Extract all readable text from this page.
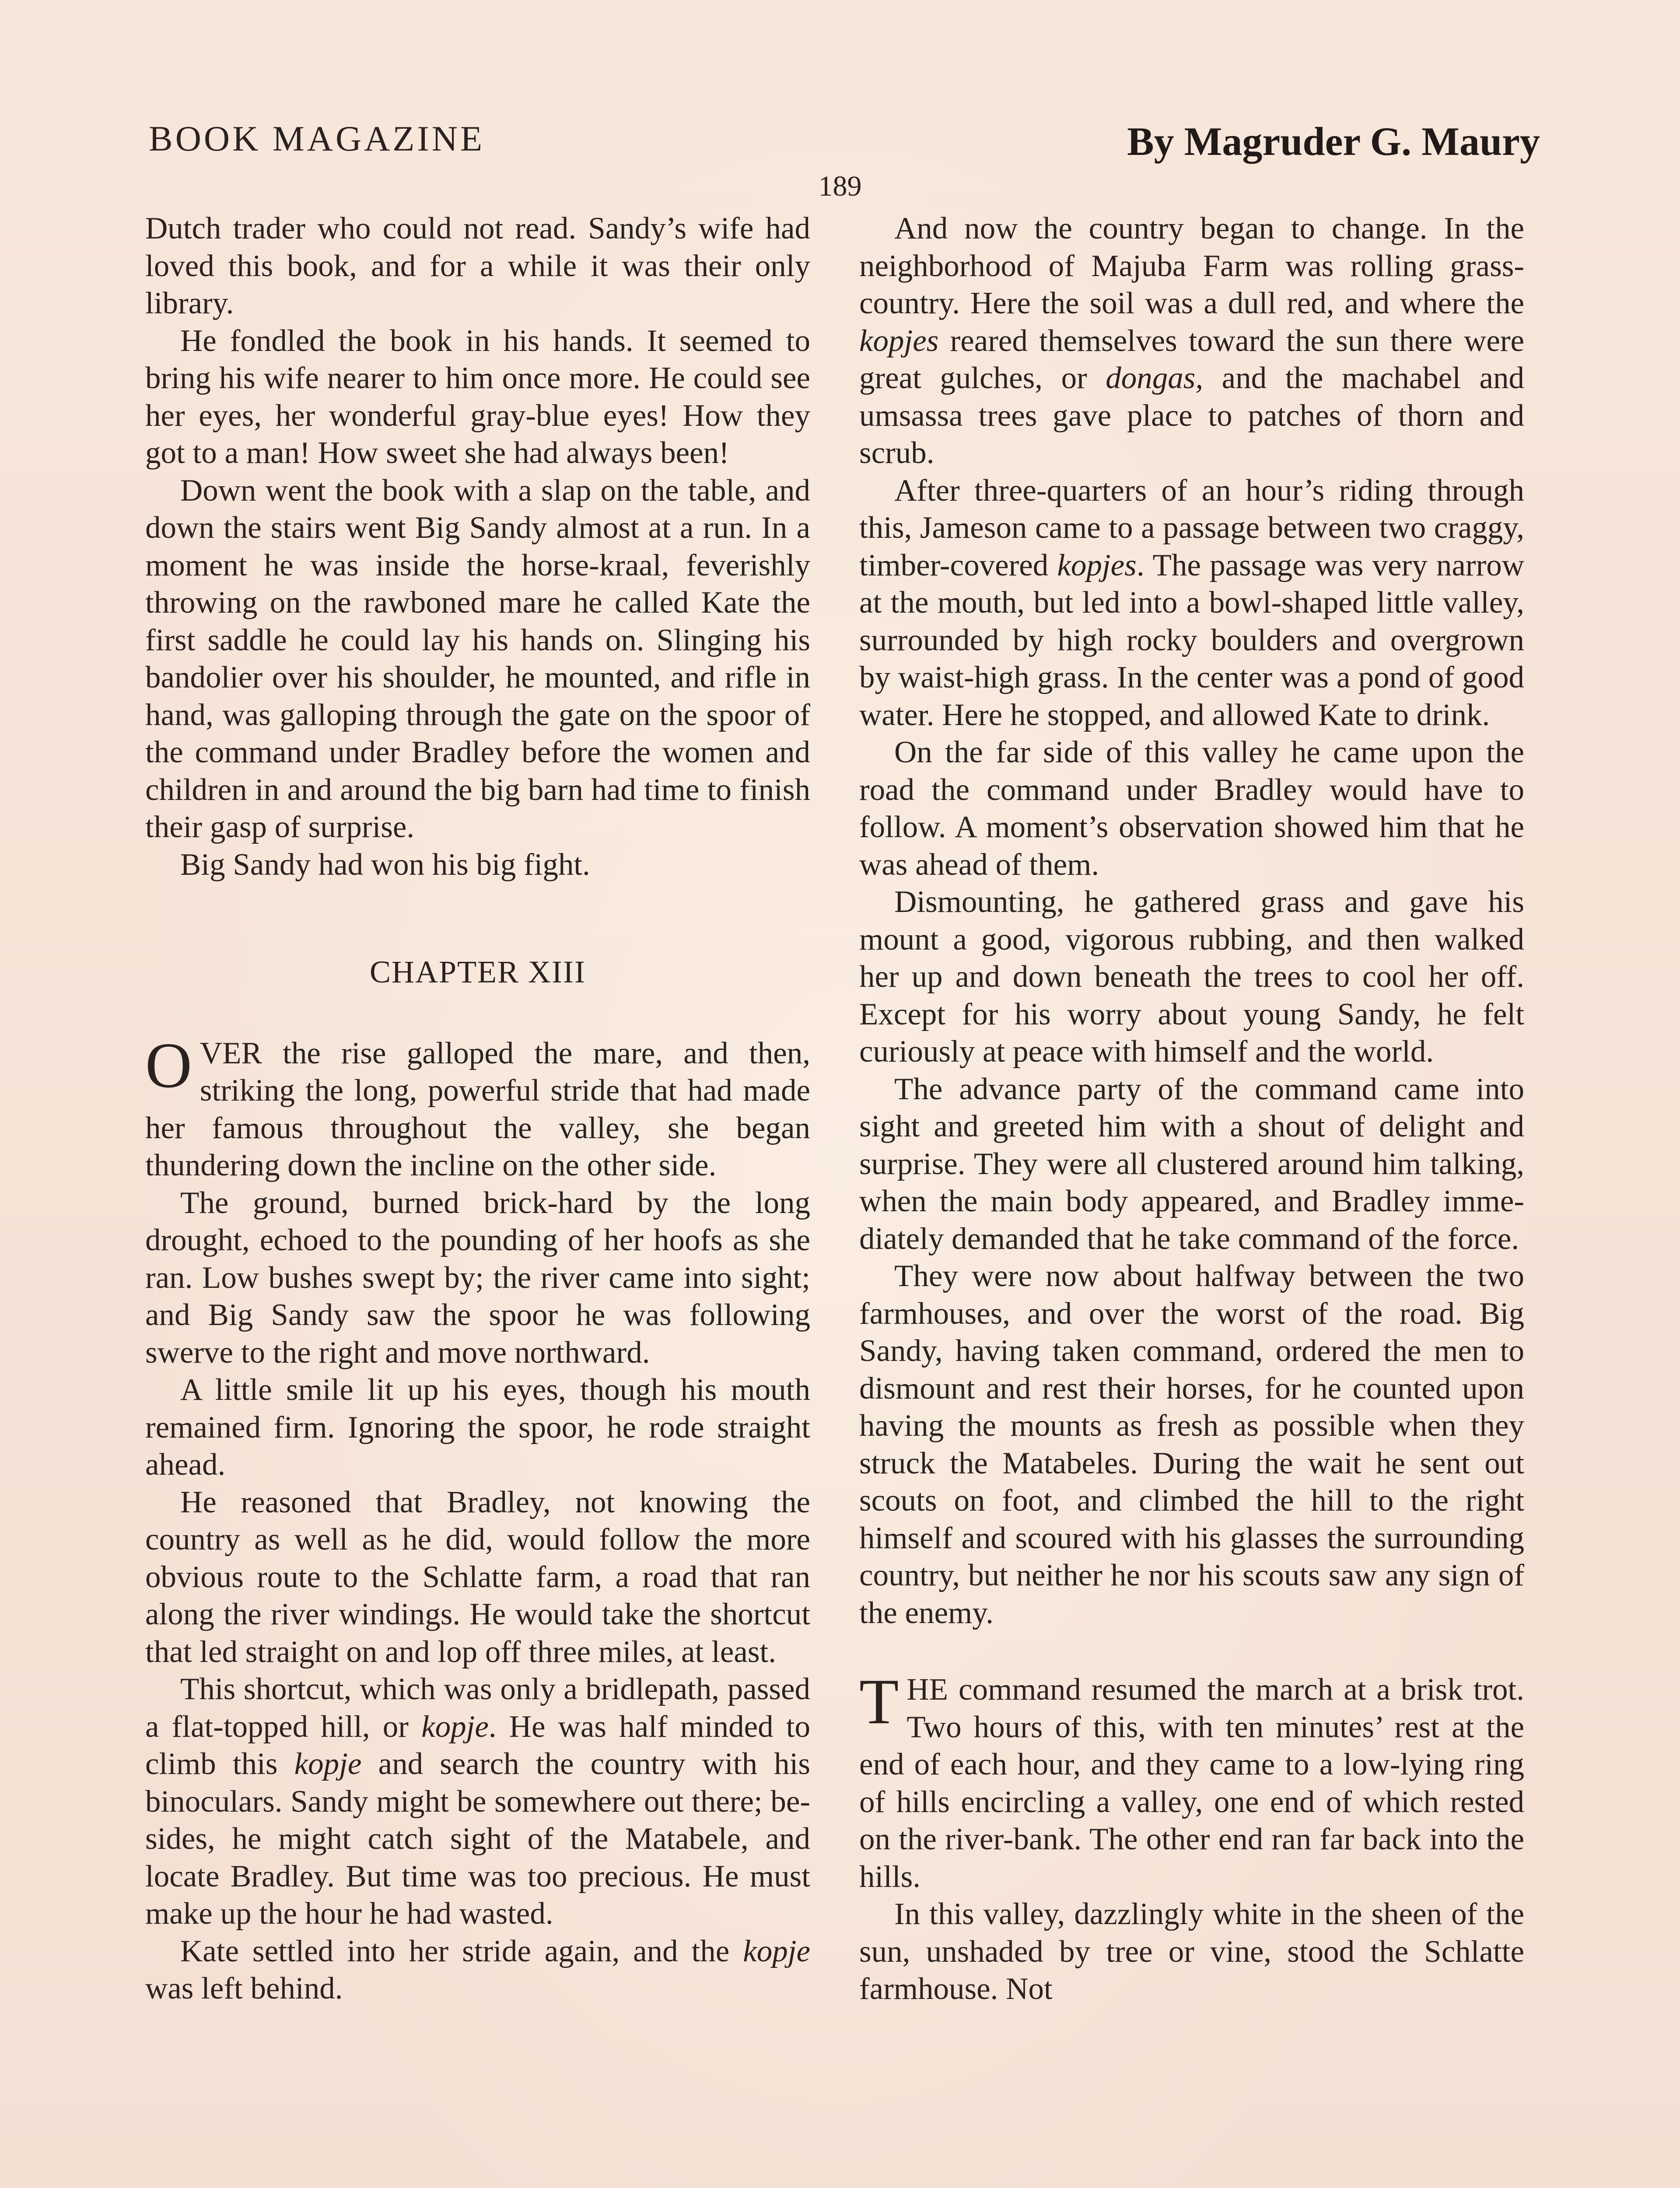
BOOK MAGAZINE	By Magruder G. Maury
189

Dutch trader who could not read. Sandy’s wife had loved this book, and for a while it was their only library.

He fondled the book in his hands. It seemed to bring his wife nearer to him once more. He could see her eyes, her wonderful gray-blue eyes! How they got to a man! How sweet she had always been!

Down went the book with a slap on the table, and down the stairs went Big Sandy almost at a run. In a moment he was inside the horse-kraal, feverishly throwing on the rawboned mare he called Kate the first saddle he could lay his hands on. Slinging his bandolier over his shoulder, he mounted, and rifle in hand, was galloping through the gate on the spoor of the command under Bradley before the women and children in and around the big barn had time to finish their gasp of surprise.

Big Sandy had won his big fight.

CHAPTER XIII

OVER the rise galloped the mare, and then, striking the long, powerful stride that had made her famous throughout the valley, she began thundering down the incline on the other side.

The ground, burned brick-hard by the long drought, echoed to the pounding of her hoofs as she ran. Low bushes swept by; the river came into sight; and Big Sandy saw the spoor he was following swerve to the right and move northward.

A little smile lit up his eyes, though his mouth remained firm. Ignoring the spoor, he rode straight ahead.

He reasoned that Bradley, not knowing the country as well as he did, would follow the more obvious route to the Schlatte farm, a road that ran along the river windings. He would take the shortcut that led straight on and lop off three miles, at least.

This shortcut, which was only a bridlepath, passed a flat-topped hill, or kopje. He was half minded to climb this kopje and search the country with his binoculars. Sandy might be somewhere out there; besides, he might catch sight of the Matabele, and locate Bradley. But time was too precious. He must make up the hour he had wasted.

Kate settled into her stride again, and the kopje was left behind.

And now the country began to change. In the neighborhood of Majuba Farm was rolling grass-country. Here the soil was a dull red, and where the kopjes reared themselves toward the sun there were great gulches, or dongas, and the machabel and umsassa trees gave place to patches of thorn and scrub.

After three-quarters of an hour’s riding through this, Jameson came to a passage between two craggy, timber-covered kopjes. The passage was very narrow at the mouth, but led into a bowl-shaped little valley, surrounded by high rocky boulders and overgrown by waist-high grass. In the center was a pond of good water. Here he stopped, and allowed Kate to drink.

On the far side of this valley he came upon the road the command under Bradley would have to follow. A moment’s observation showed him that he was ahead of them.

Dismounting, he gathered grass and gave his mount a good, vigorous rubbing, and then walked her up and down beneath the trees to cool her off. Except for his worry about young Sandy, he felt curiously at peace with himself and the world.

The advance party of the command came into sight and greeted him with a shout of delight and surprise. They were all clustered around him talking, when the main body appeared, and Bradley immediately demanded that he take command of the force.

They were now about halfway between the two farmhouses, and over the worst of the road. Big Sandy, having taken command, ordered the men to dismount and rest their horses, for he counted upon having the mounts as fresh as possible when they struck the Matabeles. During the wait he sent out scouts on foot, and climbed the hill to the right himself and scoured with his glasses the surrounding country, but neither he nor his scouts saw any sign of the enemy.

THE command resumed the march at a brisk trot. Two hours of this, with ten minutes’ rest at the end of each hour, and they came to a low-lying ring of hills encircling a valley, one end of which rested on the river-bank. The other end ran far back into the hills.

In this valley, dazzlingly white in the sheen of the sun, unshaded by tree or vine, stood the Schlatte farmhouse. Not
